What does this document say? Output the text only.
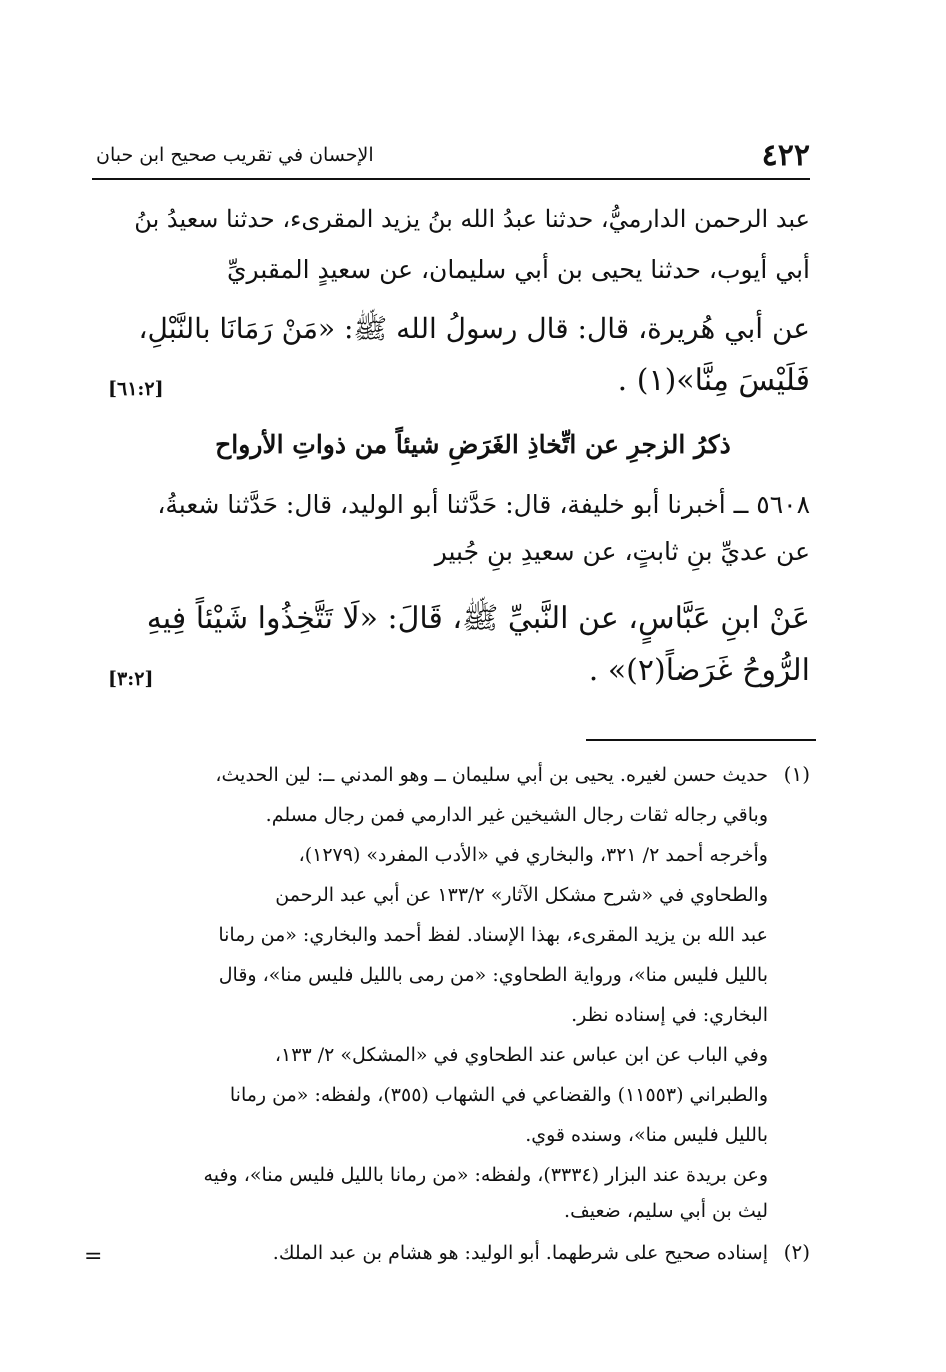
٤٢٢
الإحسان في تقريب صحيح ابن حبان
عبد الرحمن الدارميُّ، حدثنا عبدُ الله بنُ يزيد المقرىء، حدثنا سعيدُ بنُ
أبي أيوب، حدثنا يحيى بن أبي سليمان، عن سعيدٍ المقبريِّ
عن أبي هُريرة، قال: قال رسولُ الله ﷺ: «مَنْ رَمَانَا بالنَّبْلِ،
فَلَيْسَ مِنَّا»(١) .
[٦١:٢]
ذكرُ الزجرِ عن اتِّخاذِ الغَرَضِ شيئاً من ذواتِ الأرواح
٥٦٠٨ ــ أخبرنا أبو خليفة، قال: حَدَّثنا أبو الوليد، قال: حَدَّثنا شعبةُ،
عن عديِّ بنِ ثابتٍ، عن سعيدِ بنِ جُبير
عَنْ ابنِ عَبَّاسٍ، عن النَّبيِّ ﷺ، قَالَ: «لَا تَتَّخِذُوا شَيْئاً فِيهِ
الرُّوحُ غَرَضاً(٢)» .
[٣:٢]
(١)
حديث حسن لغيره. يحيى بن أبي سليمان ــ وهو المدني ــ: لين الحديث،
وباقي رجاله ثقات رجال الشيخين غير الدارمي فمن رجال مسلم.
وأخرجه أحمد ٢/ ٣٢١، والبخاري في «الأدب المفرد» (١٢٧٩)،
والطحاوي في «شرح مشكل الآثار» ١٣٣/٢ عن أبي عبد الرحمن
عبد الله بن يزيد المقرىء، بهذا الإسناد. لفظ أحمد والبخاري: «من رمانا
بالليل فليس منا»، ورواية الطحاوي: «من رمى بالليل فليس منا»، وقال
البخاري: في إسناده نظر.
وفي الباب عن ابن عباس عند الطحاوي في «المشكل» ٢/ ١٣٣،
والطبراني (١١٥٥٣) والقضاعي في الشهاب (٣٥٥)، ولفظه: «من رمانا
بالليل فليس منا»، وسنده قوي.
وعن بريدة عند البزار (٣٣٣٤)، ولفظه: «من رمانا بالليل فليس منا»، وفيه
ليث بن أبي سليم، ضعيف.
(٢)
إسناده صحيح على شرطهما. أبو الوليد: هو هشام بن عبد الملك.
=
